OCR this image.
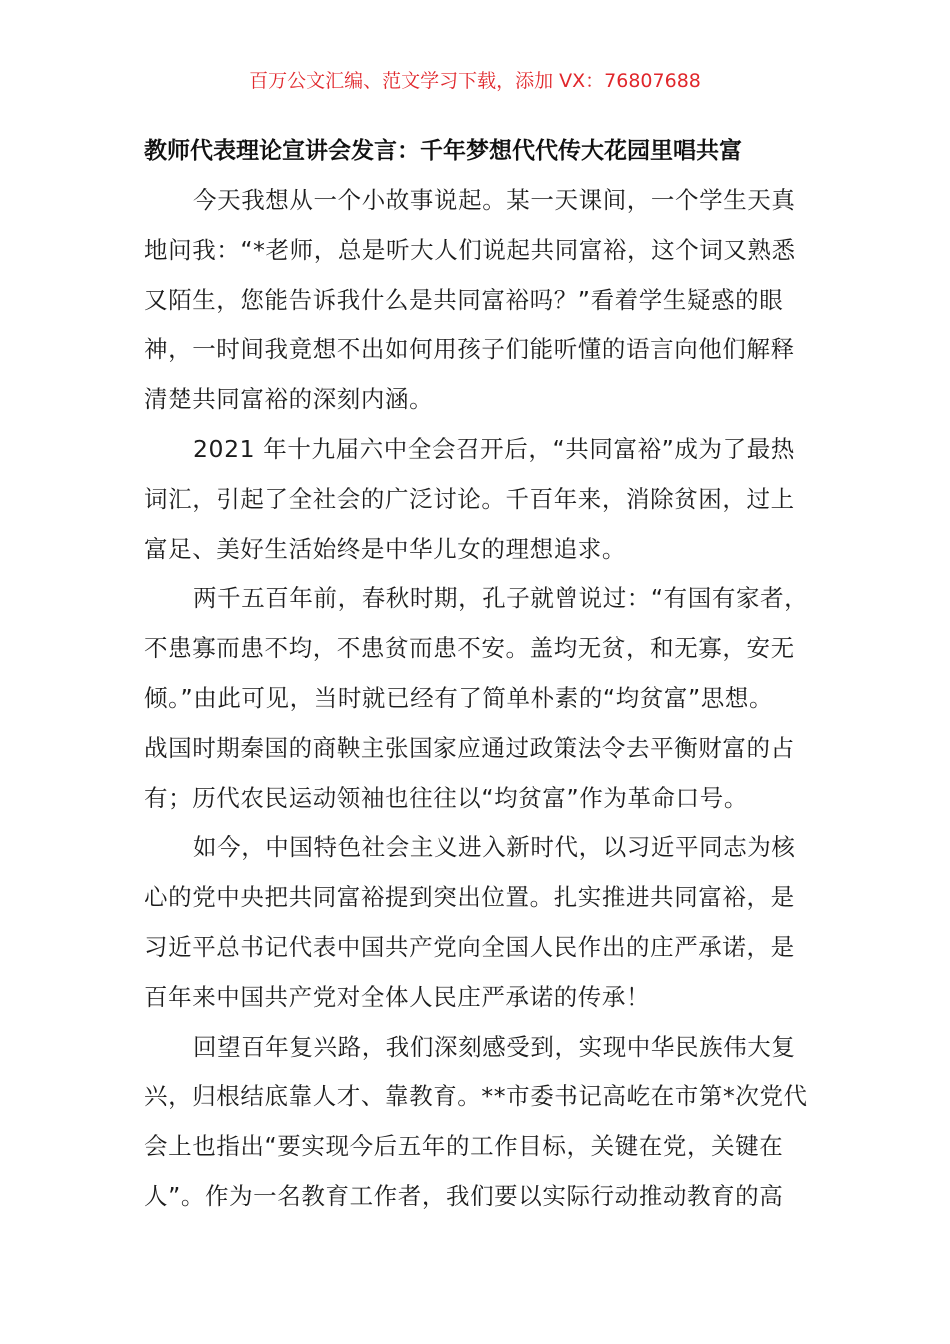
百万公文汇编、范文学习下载，添加 VX：76807688
教师代表理论宣讲会发言：千年梦想代代传大花园里唱共富
今天我想从一个小故事说起。某一天课间，一个学生天真
地问我：“*老师，总是听大人们说起共同富裕，这个词又熟悉
又陌生，您能告诉我什么是共同富裕吗？”看着学生疑惑的眼
神，一时间我竟想不出如何用孩子们能听懂的语言向他们解释
清楚共同富裕的深刻内涵。
2021 年十九届六中全会召开后，“共同富裕”成为了最热
词汇，引起了全社会的广泛讨论。千百年来，消除贫困，过上
富足、美好生活始终是中华儿女的理想追求。
两千五百年前，春秋时期，孔子就曾说过：“有国有家者，
不患寡而患不均，不患贫而患不安。盖均无贫，和无寡，安无
倾。”由此可见，当时就已经有了简单朴素的“均贫富”思想。
战国时期秦国的商鞅主张国家应通过政策法令去平衡财富的占
有；历代农民运动领袖也往往以“均贫富”作为革命口号。
如今，中国特色社会主义进入新时代，以习近平同志为核
心的党中央把共同富裕提到突出位置。扎实推进共同富裕，是
习近平总书记代表中国共产党向全国人民作出的庄严承诺，是
百年来中国共产党对全体人民庄严承诺的传承！
回望百年复兴路，我们深刻感受到，实现中华民族伟大复
兴，归根结底靠人才、靠教育。**市委书记高屹在市第*次党代
会上也指出“要实现今后五年的工作目标，关键在党，关键在
人”。作为一名教育工作者，我们要以实际行动推动教育的高
